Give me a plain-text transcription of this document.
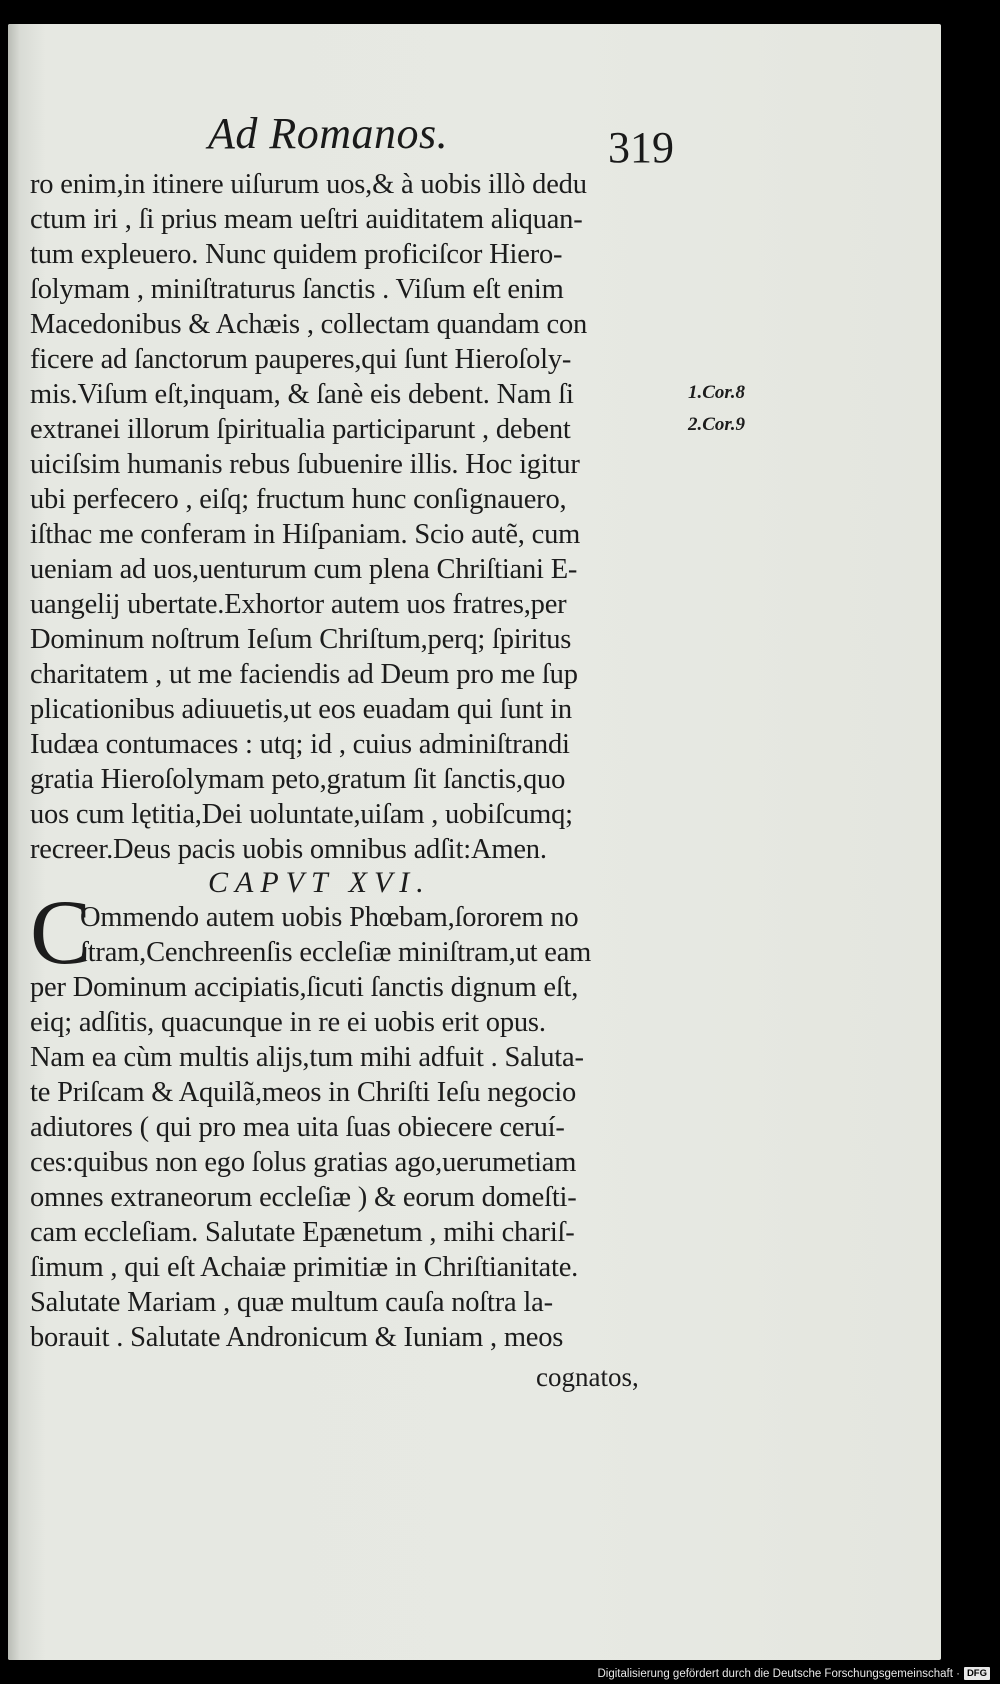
Ad Romanos.	319
ro enim,in itinere uiſurum uos,& à uobis illò dedu
ctum iri , ſi prius meam ueſtri auiditatem aliquan-
tum expleuero. Nunc quidem proficiſcor Hiero-
ſolymam , miniſtraturus ſanctis . Viſum eſt enim
Macedonibus & Achæis , collectam quandam con
ficere ad ſanctorum pauperes,qui ſunt Hieroſoly-
mis.Viſum eſt,inquam, & ſanè eis debent. Nam ſi
extranei illorum ſpiritualia participarunt , debent
uiciſsim humanis rebus ſubuenire illis. Hoc igitur
ubi perfecero , eiſq; fructum hunc conſignauero,
iſthac me conferam in Hiſpaniam. Scio autẽ, cum
ueniam ad uos,uenturum cum plena Chriſtiani E-
uangelij ubertate.Exhortor autem uos fratres,per
Dominum noſtrum Ieſum Chriſtum,perq; ſpiritus
charitatem , ut me faciendis ad Deum pro me ſup
plicationibus adiuuetis,ut eos euadam qui ſunt in
Iudæa contumaces : utq; id , cuius adminiſtrandi
gratia Hieroſolymam peto,gratum ſit ſanctis,quo
uos cum lętitia,Dei uoluntate,uiſam , uobiſcumq;
recreer.Deus pacis uobis omnibus adſit:Amen.
CAPVT XVI.
C
Ommendo autem uobis Phœbam,ſororem no
ſtram,Cenchreenſis eccleſiæ miniſtram,ut eam
per Dominum accipiatis,ſicuti ſanctis dignum eſt,
eiq; adſitis, quacunque in re ei uobis erit opus.
Nam ea cùm multis alijs,tum mihi adfuit . Saluta-
te Priſcam & Aquilã,meos in Chriſti Ieſu negocio
adiutores ( qui pro mea uita ſuas obiecere ceruí-
ces:quibus non ego ſolus gratias ago,uerumetiam
omnes extraneorum eccleſiæ ) & eorum domeſti-
cam eccleſiam. Salutate Epænetum , mihi chariſ-
ſimum , qui eſt Achaiæ primitiæ in Chriſtianitate.
Salutate Mariam , quæ multum cauſa noſtra la-
borauit . Salutate Andronicum & Iuniam , meos
cognatos,
1.Cor.8
2.Cor.9
Digitalisierung gefördert durch die Deutsche Forschungsgemeinschaft · DFG
